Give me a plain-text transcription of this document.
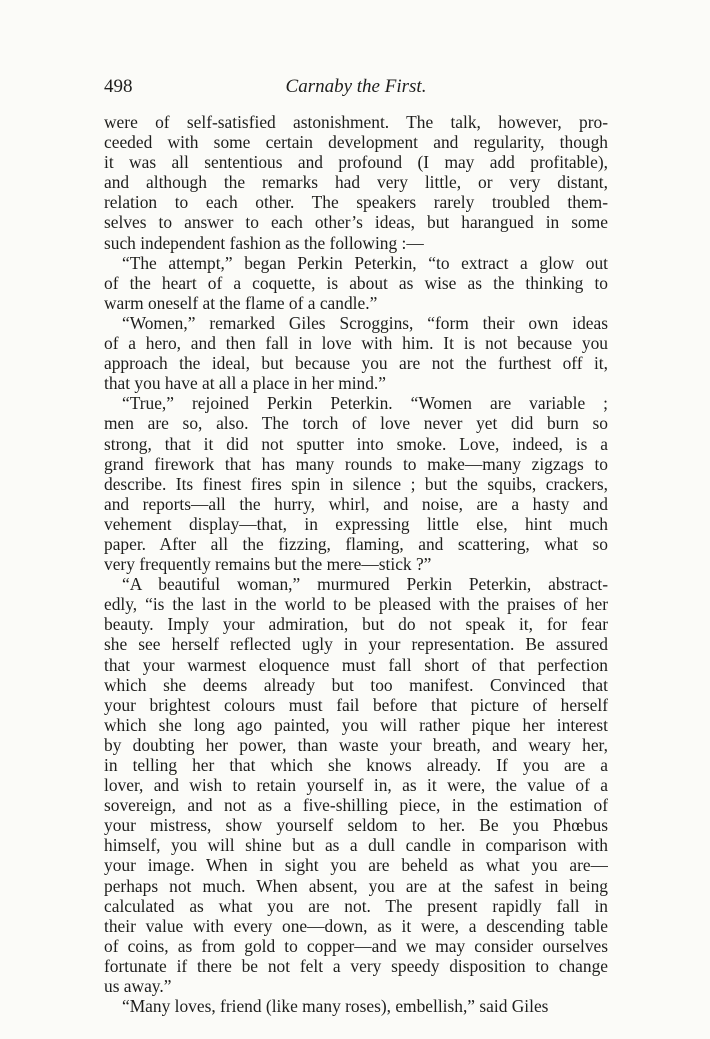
498	Carnaby the First.
were of self-satisfied astonishment. The talk, however, pro-
ceeded with some certain development and regularity, though
it was all sententious and profound (I may add profitable),
and although the remarks had very little, or very distant,
relation to each other. The speakers rarely troubled them-
selves to answer to each other’s ideas, but harangued in some
such independent fashion as the following :—
“The attempt,” began Perkin Peterkin, “to extract a glow out
of the heart of a coquette, is about as wise as the thinking to
warm oneself at the flame of a candle.”
“Women,” remarked Giles Scroggins, “form their own ideas
of a hero, and then fall in love with him. It is not because you
approach the ideal, but because you are not the furthest off it,
that you have at all a place in her mind.”
“True,” rejoined Perkin Peterkin. “Women are variable ;
men are so, also. The torch of love never yet did burn so
strong, that it did not sputter into smoke. Love, indeed, is a
grand firework that has many rounds to make—many zigzags to
describe. Its finest fires spin in silence ; but the squibs, crackers,
and reports—all the hurry, whirl, and noise, are a hasty and
vehement display—that, in expressing little else, hint much
paper. After all the fizzing, flaming, and scattering, what so
very frequently remains but the mere—stick ?”
“A beautiful woman,” murmured Perkin Peterkin, abstract-
edly, “is the last in the world to be pleased with the praises of her
beauty. Imply your admiration, but do not speak it, for fear
she see herself reflected ugly in your representation. Be assured
that your warmest eloquence must fall short of that perfection
which she deems already but too manifest. Convinced that
your brightest colours must fail before that picture of herself
which she long ago painted, you will rather pique her interest
by doubting her power, than waste your breath, and weary her,
in telling her that which she knows already. If you are a
lover, and wish to retain yourself in, as it were, the value of a
sovereign, and not as a five-shilling piece, in the estimation of
your mistress, show yourself seldom to her. Be you Phœbus
himself, you will shine but as a dull candle in comparison with
your image. When in sight you are beheld as what you are—
perhaps not much. When absent, you are at the safest in being
calculated as what you are not. The present rapidly fall in
their value with every one—down, as it were, a descending table
of coins, as from gold to copper—and we may consider ourselves
fortunate if there be not felt a very speedy disposition to change
us away.”
“Many loves, friend (like many roses), embellish,” said Giles
